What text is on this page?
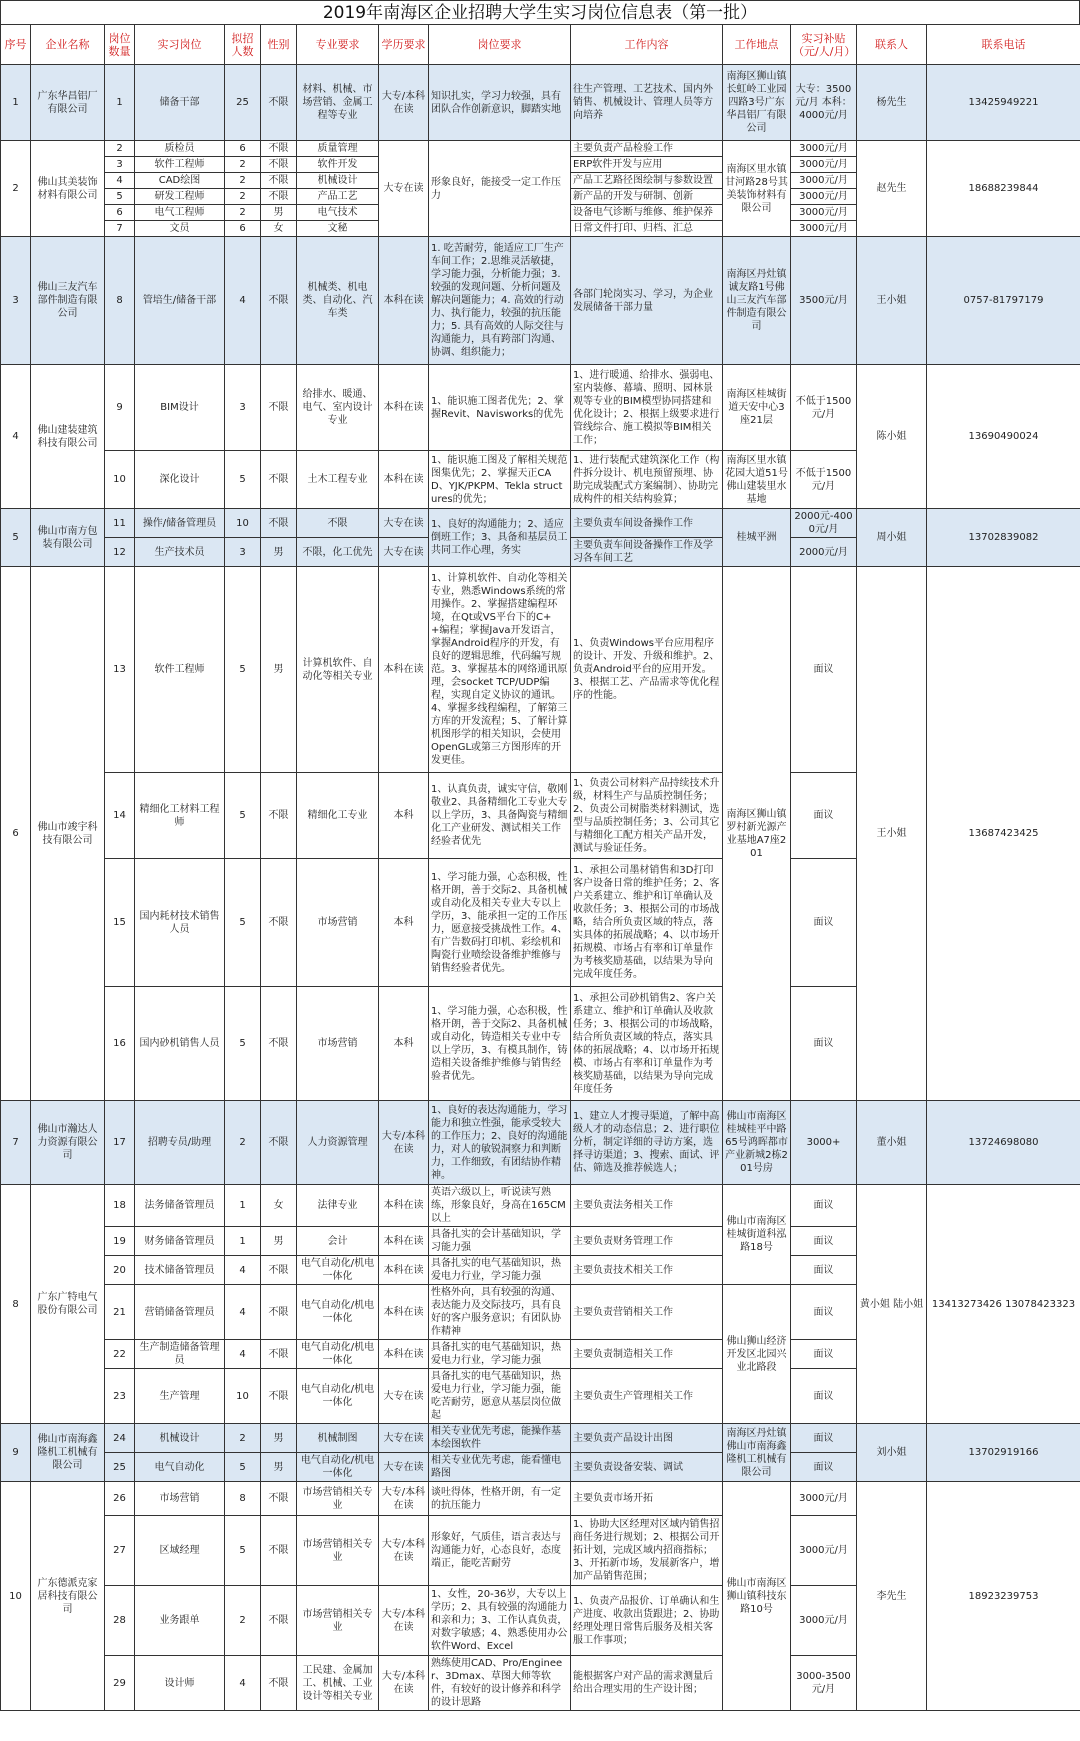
2019年南海区企业招聘大学生实习岗位信息表（第一批）
序号	企业名称	岗位数量	实习岗位	拟招人数	性别	专业要求	学历要求	岗位要求	工作内容	工作地点	实习补贴（元/人/月）	联系人	联系电话
1	广东华昌铝厂有限公司	1	储备干部	25	不限	材料、机械、市场营销、金属工程等专业	大专/本科在读	知识扎实，学习力较强，具有团队合作创新意识，脚踏实地	往生产管理、工艺技术、国内外销售、机械设计、管理人员等方向培养	南海区狮山镇长虹岭工业园四路3号广东华昌铝厂有限公司	大专：3500元/月 本科：4000元/月	杨先生	13425949221
2	佛山其美装饰材料有限公司	2	质检员	6	不限	质量管理	大专在读	形象良好，能接受一定工作压力	主要负责产品检验工作	南海区里水镇甘河路28号其美装饰材料有限公司	3000元/月	赵先生	18688239844
		3	软件工程师	2	不限	软件开发			ERP软件开发与应用		3000元/月		
		4	CAD绘图	2	不限	机械设计			产品工艺路径图绘制与参数设置		3000元/月		
		5	研发工程师	2	不限	产品工艺			新产品的开发与研制、创新		3000元/月		
		6	电气工程师	2	男	电气技术			设备电气诊断与维修、维护保养		3000元/月		
		7	文员	6	女	文秘			日常文件打印、归档、汇总		3000元/月		
3	佛山三友汽车部件制造有限公司	8	管培生/储备干部	4	不限	机械类、机电类、自动化、汽车类	本科在读	1. 吃苦耐劳，能适应工厂生产车间工作；2.思维灵活敏捷，学习能力强，分析能力强；3. 较强的发现问题、分析问题及解决问题能力；4. 高效的行动力、执行能力，较强的抗压能力；5. 具有高效的人际交往与沟通能力，具有跨部门沟通、协调、组织能力；	各部门轮岗实习、学习，为企业发展储备干部力量	南海区丹灶镇诚友路1号佛山三友汽车部件制造有限公司	3500元/月	王小姐	0757-81797179
4	佛山建装建筑科技有限公司	9	BIM设计	3	不限	给排水、暖通、电气、室内设计专业	本科在读	1、能识施工图者优先；2、掌握Revit、Navisworks的优先	1、进行暖通、给排水、强弱电、室内装修、幕墙、照明、园林景观等专业的BIM模型协同搭建和优化设计；2、根据上级要求进行管线综合、施工模拟等BIM相关工作；	南海区桂城街道天安中心3座21层	不低于1500元/月	陈小姐	13690490024
		10	深化设计	5	不限	土木工程专业	本科在读	1、能识施工图及了解相关规范图集优先；2、掌握天正CAD、YJK/PKPM、Tekla structures的优先；	1、进行装配式建筑深化工作（构件拆分设计、机电预留预埋、协助完成装配式方案编制）、协助完成构件的相关结构验算；	南海区里水镇花园大道51号佛山建装里水基地	不低于1500元/月		
5	佛山市南方包装有限公司	11	操作/储备管理员	10	不限	不限	大专在读	1、良好的沟通能力；2、适应倒班工作；3、具备和基层员工共同工作心理，务实	主要负责车间设备操作工作	桂城平洲	2000元-4000元/月	周小姐	13702839082
		12	生产技术员	3	男	不限，化工优先	大专在读		主要负责车间设备操作工作及学习各车间工艺		2000元/月		
6	佛山市竣宇科技有限公司	13	软件工程师	5	男	计算机软件、自动化等相关专业	本科在读	1、计算机软件、自动化等相关专业，熟悉Windows系统的常用操作。2、掌握搭建编程环境，在Qt或VS平台下的C++编程；掌握Java开发语言，掌握Android程序的开发，有良好的逻辑思维，代码编写规范。3、掌握基本的网络通讯原理，会socket TCP/UDP编程，实现自定义协议的通讯。4、掌握多线程编程，了解第三方库的开发流程；5、了解计算机图形学的相关知识，会使用OpenGL或第三方图形库的开发更佳。	1、负责Windows平台应用程序的设计、开发、升级和维护。2、负责Android平台的应用开发。3、根据工艺、产品需求等优化程序的性能。	南海区狮山镇罗村新光源产业基地A7座201	面议	王小姐	13687423425
		14	精细化工材料工程师	5	不限	精细化工专业	本科	1、认真负责，诚实守信，敬刚敬业2、具备精细化工专业大专以上学历，3、具备陶瓷与精细化工产业研发、测试相关工作经验者优先	1、负责公司材料产品持续技术升级，材料生产与品质控制任务；2、负责公司树脂类材料测试，选型与品质控制任务；3、公司其它与精细化工配方相关产品开发，测试与验证任务。		面议		
		15	国内耗材技术销售人员	5	不限	市场营销	本科	1、学习能力强，心态积极，性格开朗，善于交际2、具备机械或自动化及相关专业大专以上学历，3、能承担一定的工作压力，愿意接受挑战性工作。4、有广告数码打印机、彩绘机和陶瓷行业喷绘设备维护维修与销售经验者优先。	1、承担公司墨材销售和3D打印客户设备日常的维护任务；2、客户关系建立、维护和订单确认及收款任务；3、根据公司的市场战略，结合所负责区域的特点，落实具体的拓展战略；4、以市场开拓规模、市场占有率和订单量作为考核奖励基础，以结果为导向完成年度任务。		面议		
		16	国内砂机销售人员	5	不限	市场营销	本科	1、学习能力强，心态积极，性格开朗，善于交际2、具备机械或自动化，铸造相关专业中专以上学历，3、有模具制作，铸造相关设备维护维修与销售经验者优先。	1、承担公司砂机销售2、客户关系建立、维护和订单确认及收款任务；3、根据公司的市场战略，结合所负责区域的特点，落实具体的拓展战略；4、以市场开拓规模、市场占有率和订单量作为考核奖励基础，以结果为导向完成年度任务		面议		
7	佛山市瀚达人力资源有限公司	17	招聘专员/助理	2	不限	人力资源管理	大专/本科在读	1、良好的表达沟通能力，学习能力和独立性强，能承受较大的工作压力；2、良好的沟通能力，对人的敏锐洞察力和判断力，工作细致，有团结协作精神。	1、建立人才搜寻渠道，了解中高级人才的动态信息；2、进行职位分析，制定详细的寻访方案，选择寻访渠道；3、搜索、面试、评估、筛选及推荐候选人；	佛山市南海区桂城桂平中路65号鸿晖都市产业新城2栋201号房	3000+	董小姐	13724698080
8	广东广特电气股份有限公司	18	法务储备管理员	1	女	法律专业	本科在读	英语六级以上，听说读写熟练，形象良好，身高在165CM以上	主要负责法务相关工作	佛山市南海区桂城街道科泓路18号	面议	黄小姐 陆小姐	13413273426 13078423323
		19	财务储备管理员	1	男	会计	本科在读	具备扎实的会计基础知识，学习能力强	主要负责财务管理工作		面议		
		20	技术储备管理员	4	不限	电气自动化/机电一体化	本科在读	具备扎实的电气基础知识，热爱电力行业，学习能力强	主要负责技术相关工作		面议		
		21	营销储备管理员	4	不限	电气自动化/机电一体化	本科在读	性格外向，具有较强的沟通、表达能力及交际技巧，具有良好的客户服务意识；有团队协作精神	主要负责营销相关工作	佛山狮山经济开发区北园兴业北路段	面议		
		22	生产制造储备管理员	4	不限	电气自动化/机电一体化	本科在读	具备扎实的电气基础知识，热爱电力行业，学习能力强	主要负责制造相关工作		面议		
		23	生产管理	10	不限	电气自动化/机电一体化	大专在读	具备扎实的电气基础知识，热爱电力行业，学习能力强，能吃苦耐劳，愿意从基层岗位做起	主要负责生产管理相关工作		面议		
9	佛山市南海鑫隆机工机械有限公司	24	机械设计	2	男	机械制图	大专在读	相关专业优先考虑，能操作基本绘图软件	主要负责产品设计出图	南海区丹灶镇佛山市南海鑫隆机工机械有限公司	面议	刘小姐	13702919166
		25	电气自动化	5	男	电气自动化/机电一体化	大专在读	相关专业优先考虑，能看懂电路图	主要负责设备安装、调试		面议		
10	广东德派克家居科技有限公司	26	市场营销	8	不限	市场营销相关专业	大专/本科在读	谈吐得体，性格开朗，有一定的抗压能力	主要负责市场开拓	佛山市南海区狮山镇科技东路10号	3000元/月	李先生	18923239753
		27	区域经理	5	不限	市场营销相关专业	大专/本科在读	形象好，气质佳，语言表达与沟通能力好，心态良好，态度端正，能吃苦耐劳	1、协助大区经理对区域内销售招商任务进行规划；2、根据公司开拓计划，完成区域内招商指标；3、开拓新市场，发展新客户，增加产品销售范围；		3000元/月		
		28	业务跟单	2	不限	市场营销相关专业	大专/本科在读	1、女性，20-36岁，大专以上学历；2、具有较强的沟通能力和亲和力；3、工作认真负责，对数字敏感；4、熟悉使用办公软件Word、Excel	1、负责产品报价、订单确认和生产进度、收款出货跟进；2、协助经理处理日常售后服务及相关客服工作事项；		3000元/月		
		29	设计师	4	不限	工民建、金属加工、机械、工业设计等相关专业	大专/本科在读	熟练使用CAD、Pro/Engineer、3Dmax、草图大师等软件，有较好的设计修养和科学的设计思路	能根据客户对产品的需求测量后给出合理实用的生产设计图；		3000-3500元/月		
